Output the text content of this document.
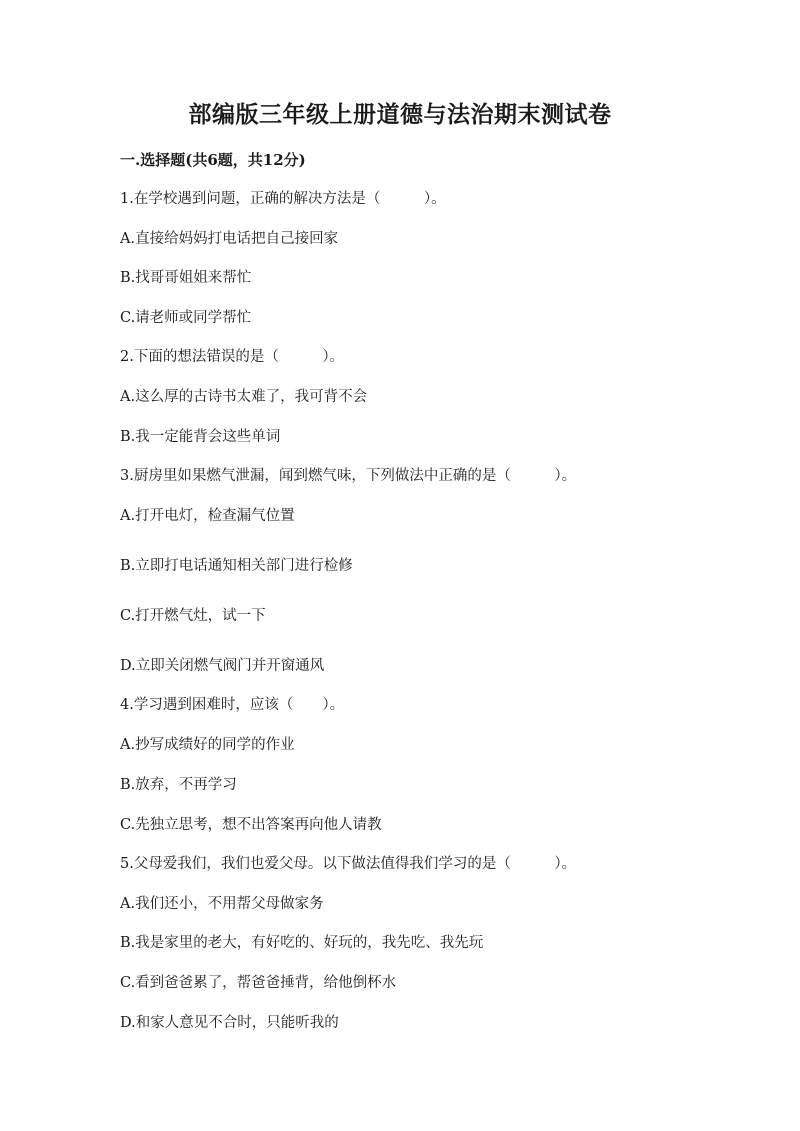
部编版三年级上册道德与法治期末测试卷
一.选择题(共6题，共12分)
1.在学校遇到问题，正确的解决方法是（　　　）。
A.直接给妈妈打电话把自己接回家
B.找哥哥姐姐来帮忙
C.请老师或同学帮忙
2.下面的想法错误的是（　　　）。
A.这么厚的古诗书太难了，我可背不会
B.我一定能背会这些单词
3.厨房里如果燃气泄漏，闻到燃气味，下列做法中正确的是（　　　）。
A.打开电灯，检查漏气位置
B.立即打电话通知相关部门进行检修
C.打开燃气灶，试一下
D.立即关闭燃气阀门并开窗通风
4.学习遇到困难时，应该（　　）。
A.抄写成绩好的同学的作业
B.放弃，不再学习
C.先独立思考，想不出答案再向他人请教
5.父母爱我们，我们也爱父母。以下做法值得我们学习的是（　　　）。
A.我们还小，不用帮父母做家务
B.我是家里的老大，有好吃的、好玩的，我先吃、我先玩
C.看到爸爸累了，帮爸爸捶背，给他倒杯水
D.和家人意见不合时，只能听我的
